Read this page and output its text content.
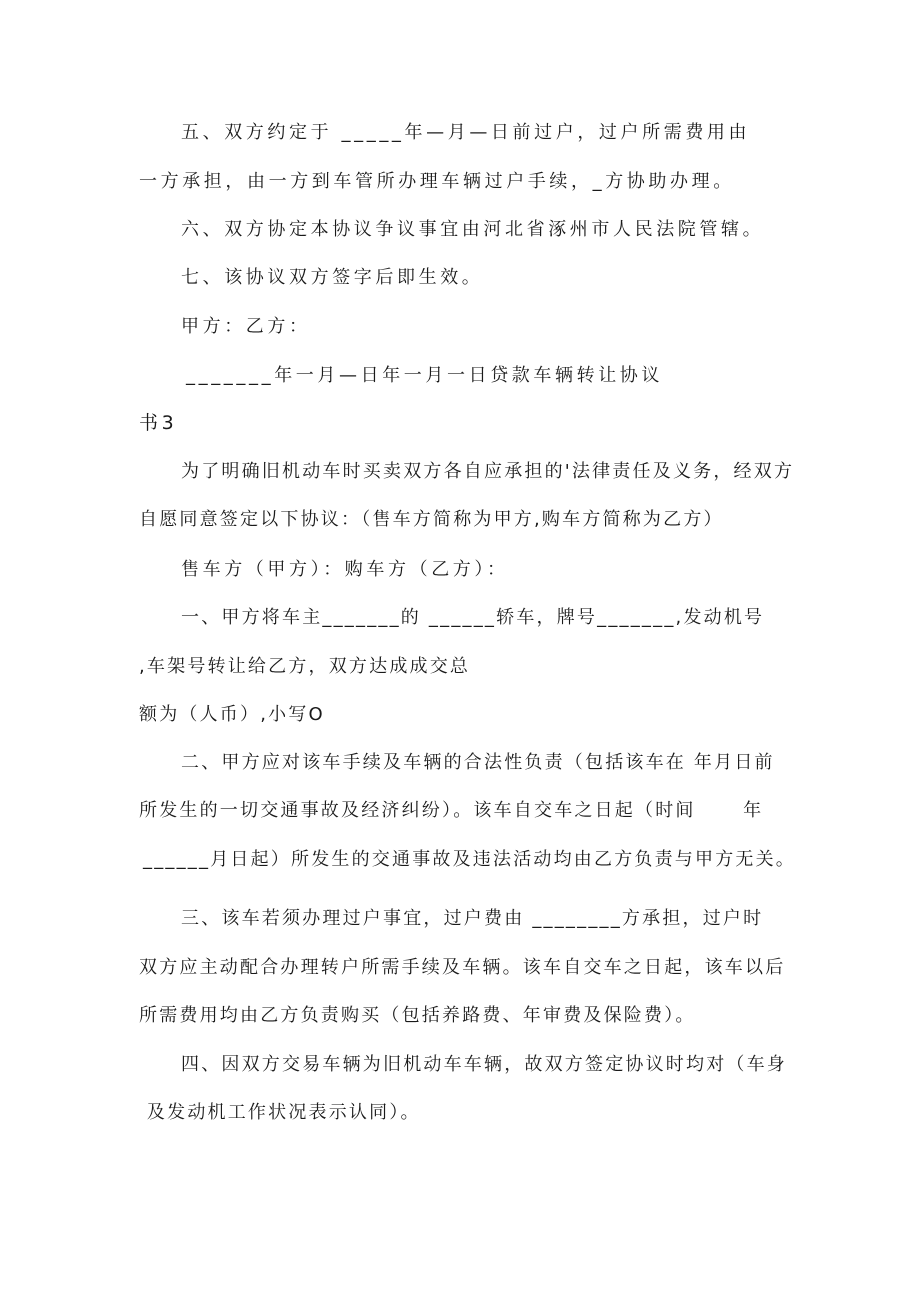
五、双方约定于 _____年—月—日前过户，过户所需费用由
一方承担，由一方到车管所办理车辆过户手续，_方协助办理。
六、双方协定本协议争议事宜由河北省涿州市人民法院管辖。
七、该协议双方签字后即生效。
甲方：乙方：
_______年一月—日年一月一日贷款车辆转让协议
书3
为了明确旧机动车时买卖双方各自应承担的'法律责任及义务，经双方
自愿同意签定以下协议：（售车方简称为甲方,购车方简称为乙方）
售车方（甲方）：购车方（乙方）：
一、甲方将车主_______的 ______轿车，牌号_______,发动机号
,车架号转让给乙方，双方达成成交总
额为（人币）,小写O
二、甲方应对该车手续及车辆的合法性负责（包括该车在 年月日前
所发生的一切交通事故及经济纠纷）。该车自交车之日起（时间      年
______月日起）所发生的交通事故及违法活动均由乙方负责与甲方无关。
三、该车若须办理过户事宜，过户费由 ________方承担，过户时
双方应主动配合办理转户所需手续及车辆。该车自交车之日起，该车以后
所需费用均由乙方负责购买（包括养路费、年审费及保险费）。
四、因双方交易车辆为旧机动车车辆，故双方签定协议时均对（车身
及发动机工作状况表示认同）。
